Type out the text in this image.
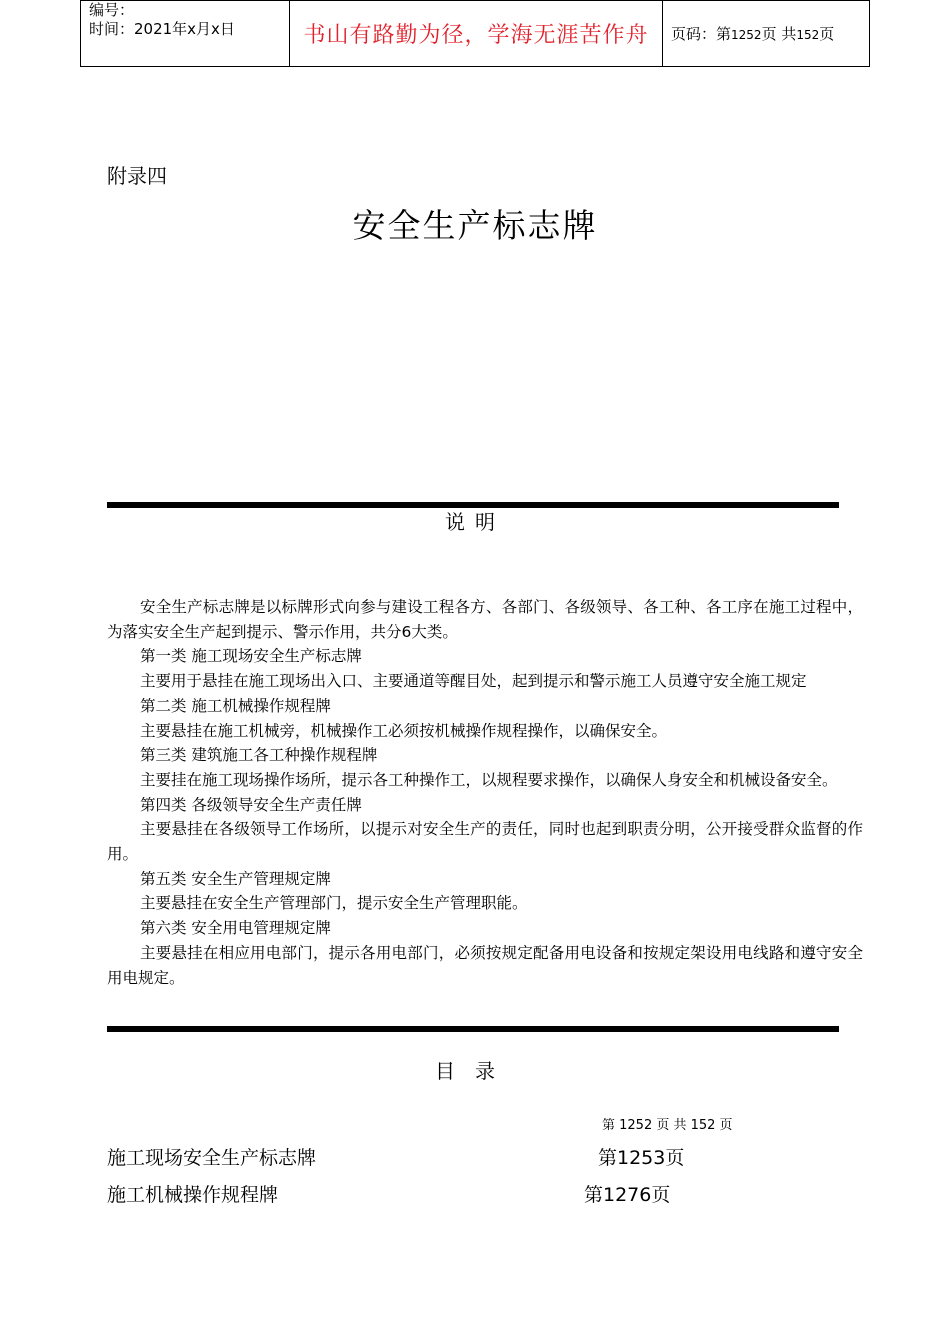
编号：
时间：2021年x月x日	书山有路勤为径，学海无涯苦作舟	页码：第1252页 共152页
附录四
安全生产标志牌
说明

安全生产标志牌是以标牌形式向参与建设工程各方、各部门、各级领导、各工种、各工序在施工过程中，为落实安全生产起到提示、警示作用，共分6大类。

第一类 施工现场安全生产标志牌

主要用于悬挂在施工现场出入口、主要通道等醒目处，起到提示和警示施工人员遵守安全施工规定

第二类 施工机械操作规程牌

主要悬挂在施工机械旁，机械操作工必须按机械操作规程操作，以确保安全。

第三类 建筑施工各工种操作规程牌

主要挂在施工现场操作场所，提示各工种操作工，以规程要求操作，以确保人身安全和机械设备安全。

第四类 各级领导安全生产责任牌

主要悬挂在各级领导工作场所，以提示对安全生产的责任，同时也起到职责分明，公开接受群众监督的作用。

第五类 安全生产管理规定牌

主要悬挂在安全生产管理部门，提示安全生产管理职能。

第六类 安全用电管理规定牌

主要悬挂在相应用电部门，提示各用电部门，必须按规定配备用电设备和按规定架设用电线路和遵守安全用电规定。

目录
第 1252 页 共 152 页
施工现场安全生产标志牌	第1253页
施工机械操作规程牌	第1276页
